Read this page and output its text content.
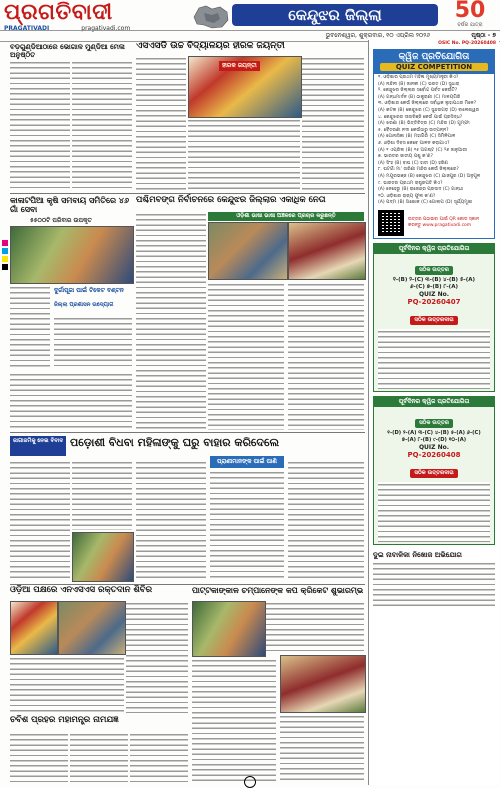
ପ୍ରଗତିବାଦୀ
PRAGATIVADI	pragativadi.com
କେନ୍ଦୁଝର ଜିଲ୍ଲା	50
ବର୍ଷର ଯାତ୍ରା
ଭୁବନେଶ୍ୱର, ଶୁକ୍ରବାର, ୧୦ ଏପ୍ରିଲ ୨୦୨୬	ପୃଷ୍ଠା - ୭
ବଡ଼ଗୁଣ୍ଡିଆଠାରେ ଭୋଗାଳ ମୁଣ୍ଡିଆ ମେଳା ଅନୁଷ୍ଠିତ
ଏସଏସଡି ଉଚ୍ଚ ବିଦ୍ୟାଳୟର ହୀରକ ଜୟନ୍ତୀ
ହୀରକ ଜୟନ୍ତୀ
କାଳାଟପିଆ କୃଷି ସମବାୟ ସମିତିରେ ୪୬ ଗାଁ ସେବା
୫୫୦୦ଟି ପରିବାର ଉପକୃତ
ଦୁର୍ଗାପୂଜା ପାଇଁ ଟିକେଟ ବଣ୍ଟନ
ଜିଲ୍ଲା ପ୍ରଶାସନ ଉଦ୍ୟୋଗ
ପଶ୍ଚିମବଙ୍ଗ ନିର୍ବାଚନରେ କେନ୍ଦୁଝର ଜିଲ୍ଲାର ଏକାଧିକ ନେତା
ଓଡ଼ିଶା ଭାଷା ଭାଷୀ ଅଞ୍ଚଳରେ ପ୍ରଚାର କରୁଛନ୍ତି
ଜାଗାଜମିକୁ ନେଇ ବିବାଦ ପଡ଼ୋଶୀ ବିଧବା ମହିଳାଙ୍କୁ ଘରୁ ବାହାର କରିଦେଲେ
ପ୍ରାଣୀମାନଙ୍କ ପାଇଁ ପାଣି
ଓଡ଼ିଆ ପକ୍ଷରେ ଏନଏସଏସ ରକ୍ତଦାନ ଶିବିର	ପାଟ୍ଟକାଙ୍କାଳ ଚମ୍ପାନେଙ୍କ କପ କ୍ରିକେଟ ଶୁଭାରମ୍ଭ
ଚବିଶ ପ୍ରହର ମହାମନ୍ତ୍ର ନାମଯଜ୍ଞ
OSIC No. PQ-20260408
କ୍ୱିଜ ପ୍ରତିଯୋଗିତା
QUIZ COMPETITION
୧. ଓଡ଼ିଶାର ପ୍ରଥମ ମହିଳା ମୁଖ୍ୟମନ୍ତ୍ରୀ କିଏ?
(A) ନନ୍ଦିନୀ (B) ଜାନକୀ (C) ଭରତ (D) ସୁଧାରା
୨. କେନ୍ଦୁଝର ଜିଲ୍ଲାର ସର୍ବୋଚ୍ଚ ପର୍ବତ କେଉଁଟି?
(A) ଗନ୍ଧମାର୍ଦନ (B) ଠାକୁରାଣୀ (C) ମାଳୟଗିରି
୩. ଓଡ଼ିଶାର କେଉଁ ଜିଲ୍ଲାରେ ସର୍ବାଧିକ ଲୁହାପଥର ମିଳେ?
(A) କଟକ (B) କେନ୍ଦୁଝର (C) ସୁନ୍ଦରଗଡ଼ (D) ବାଲେଶ୍ୱର
୪. କେନ୍ଦୁଝରର ସୀତାବିଞ୍ଜି କେଉଁ ପାଇଁ ପ୍ରସିଦ୍ଧ?
(A) ଝରଣା (B) ଭିତ୍ତିଚିତ୍ର (C) ମନ୍ଦିର (D) ଗୁମ୍ଫା
୫. ବୈତରଣୀ ନଦୀ କେଉଁଠାରୁ ଉତ୍ପନ୍ନ?
(A) ଗୋନାସିକା (B) ମହାଗିରି (C) ସିମିଳିପାଳ
୬. ଓଡ଼ିଶା ଦିବସ କେବେ ପାଳନ କରାଯାଏ?
(A) ୧ ଏପ୍ରିଲ (B) ୧୫ ଅଗଷ୍ଟ (C) ୨୬ ଜାନୁଆରୀ
୭. ଭାରତର ଜାତୀୟ ପଶୁ କ’ଣ?
(A) ସିଂହ (B) ବାଘ (C) ହାତୀ (D) ହରିଣ
୮. ଘଟଗାଁ ମା’ ତାରିଣୀ ମନ୍ଦିର କେଉଁ ଜିଲ୍ଲାରେ?
(A) ମୟୂରଭଞ୍ଜ (B) କେନ୍ଦୁଝର (C) ଯାଜପୁର (D) ଅନୁଗୁଳ
୯. ଭାରତର ପ୍ରଥମ ରାଷ୍ଟ୍ରପତି କିଏ?
(A) ନେହେରୁ (B) ରାଜେନ୍ଦ୍ର ପ୍ରସାଦ (C) ଗାନ୍ଧୀ
୧୦. ଓଡ଼ିଶାର ରାଜ୍ୟ ଫୁଲ କ’ଣ?
(A) ପଦ୍ମ (B) ଅଶୋକ (C) ଗୋଲାପ (D) ସୂର୍ଯ୍ୟମୁଖୀ
ଉତ୍ତର ପଠାଇବା ପାଇଁ QR କୋଡ ସ୍କାନ କରନ୍ତୁ www.pragativadi.com
ପୂର୍ବଦିନର କ୍ୱିଜ ପ୍ରତିଯୋଗିତା
ସଠିକ ଉତ୍ତର
୧-(B) ୨-(C) ୩-(B) ୪-(B) ୫-(A)
୬-(C) ୭-(B) ୮-(A)
QUIZ No.
PQ-20260407
ସଠିକ ଉତ୍ତରଦାତା
ପୂର୍ବଦିନର କ୍ୱିଜ ପ୍ରତିଯୋଗିତା
ସଠିକ ଉତ୍ତର
୧-(D) ୨-(A) ୩-(C) ୪-(B) ୫-(A) ୬-(C)
୭-(A) ୮-(B) ୯-(D) ୧୦-(A)
QUIZ No.
PQ-20260408
ସଠିକ ଉତ୍ତରଦାତା
ଦୁଇ ନାବାଳିକା ନିଖୋଜ ଅଭିଯୋଗ
